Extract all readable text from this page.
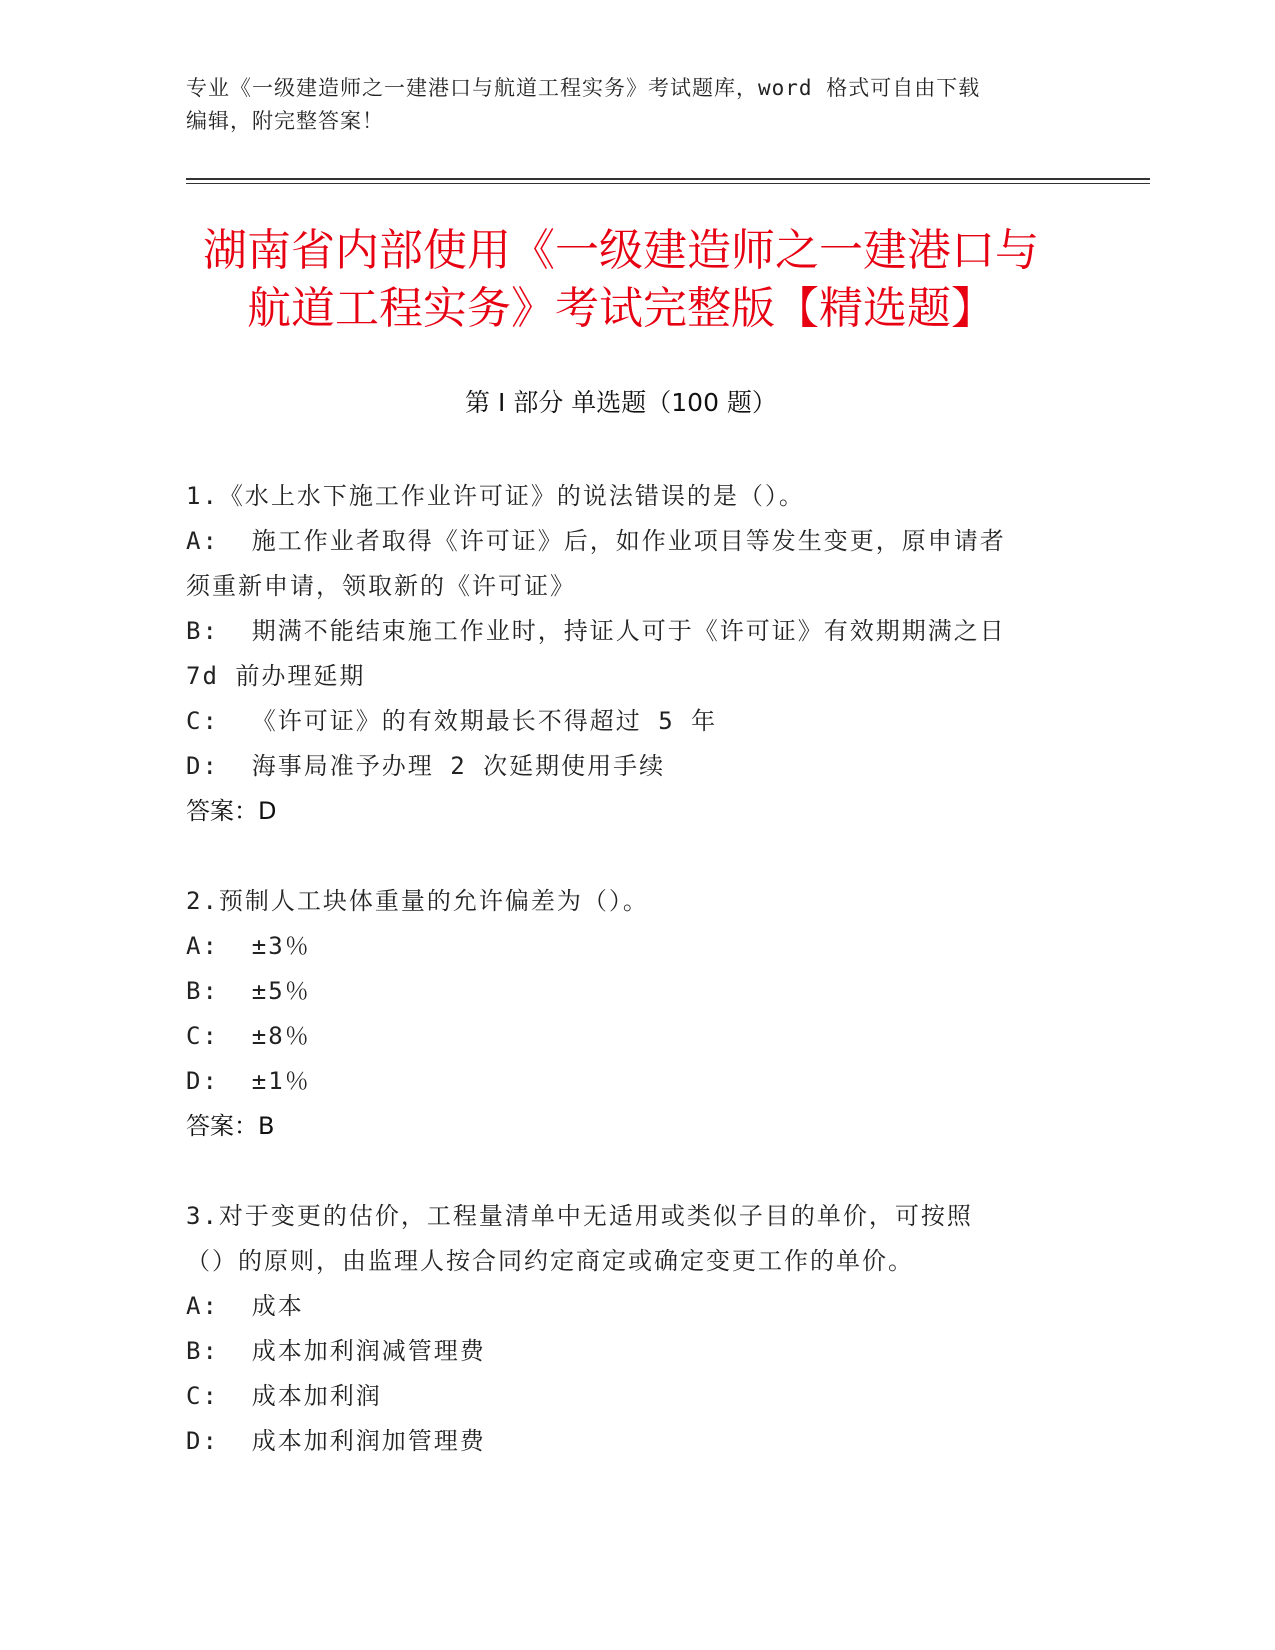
专业《一级建造师之一建港口与航道工程实务》考试题库，word 格式可自由下载
编辑，附完整答案！
湖南省内部使用《一级建造师之一建港口与
航道工程实务》考试完整版【精选题】
第 I 部分 单选题（100 题）
1.《水上水下施工作业许可证》的说法错误的是（）。
A:  施工作业者取得《许可证》后，如作业项目等发生变更，原申请者
须重新申请，领取新的《许可证》
B:  期满不能结束施工作业时，持证人可于《许可证》有效期期满之日
7d 前办理延期
C:  《许可证》的有效期最长不得超过 5 年
D:  海事局准予办理 2 次延期使用手续
答案：D
2.预制人工块体重量的允许偏差为（）。
A:  ±3％
B:  ±5％
C:  ±8％
D:  ±1％
答案：B
3.对于变更的估价，工程量清单中无适用或类似子目的单价，可按照
（）的原则，由监理人按合同约定商定或确定变更工作的单价。
A:  成本
B:  成本加利润减管理费
C:  成本加利润
D:  成本加利润加管理费
